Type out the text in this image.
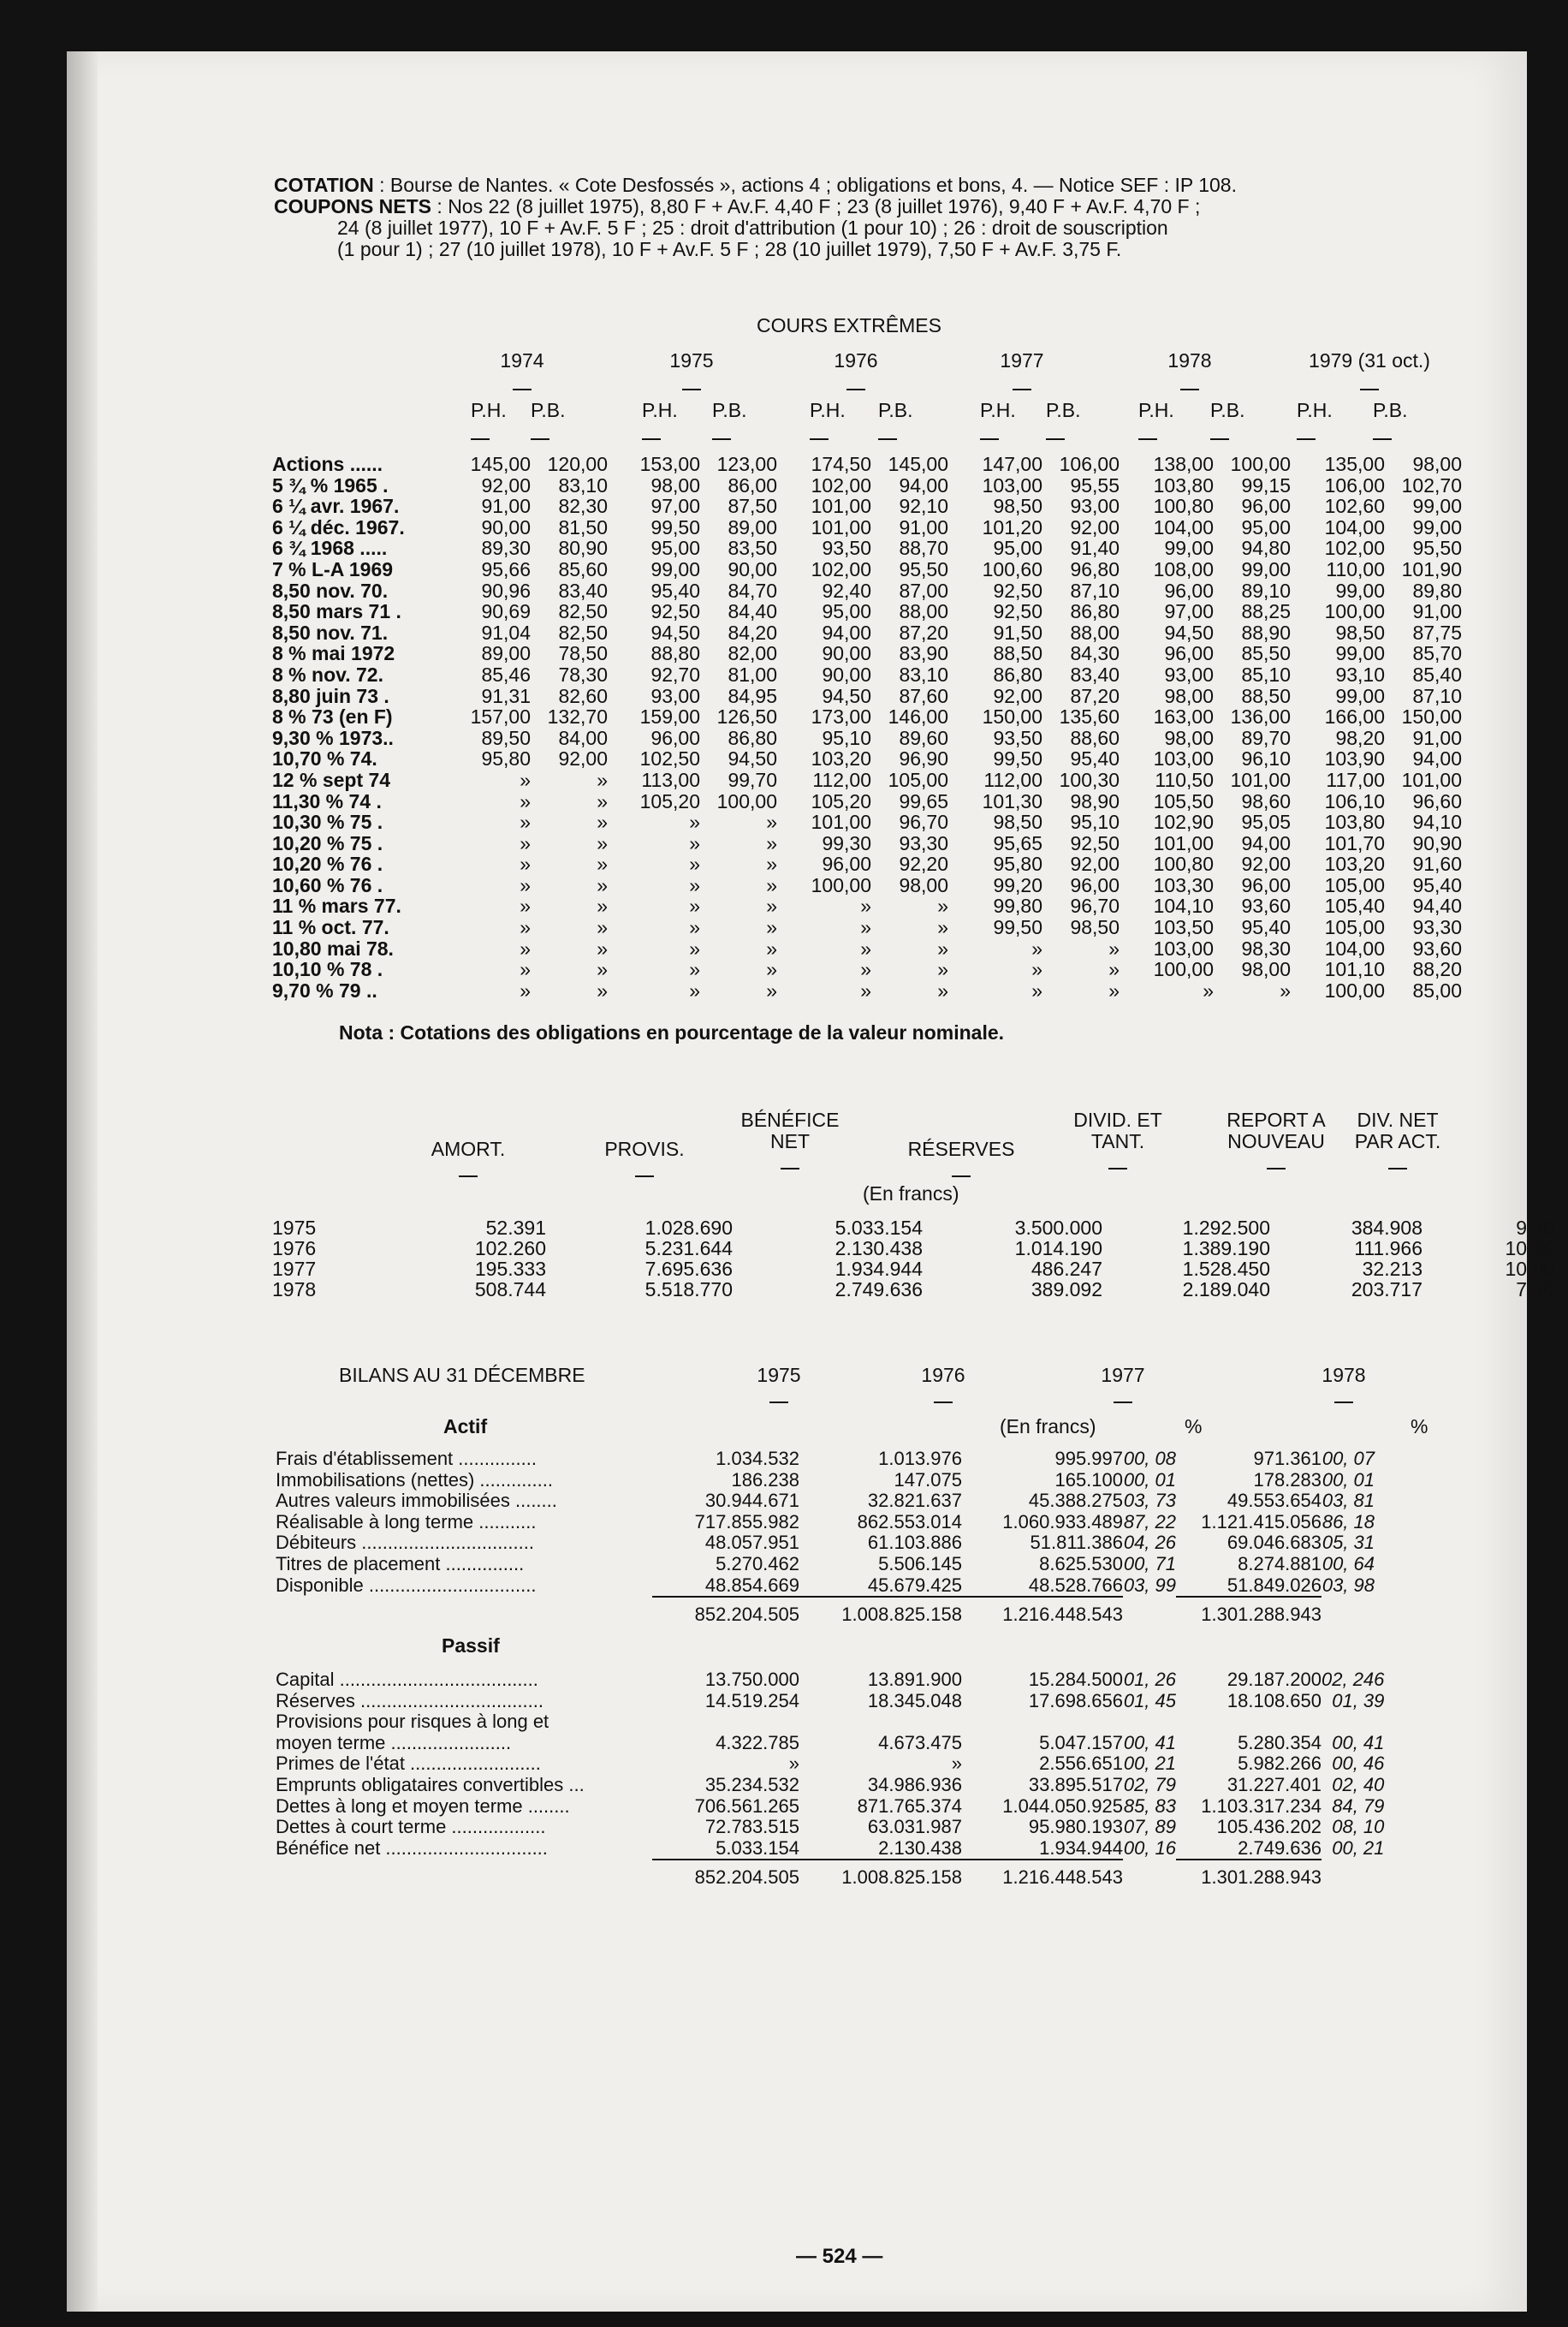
COTATION : Bourse de Nantes. « Cote Desfossés », actions 4 ; obligations et bons, 4. — Notice SEF : IP 108.

COUPONS NETS : Nos 22 (8 juillet 1975), 8,80 F + Av.F. 4,40 F ; 23 (8 juillet 1976), 9,40 F + Av.F. 4,70 F ;

24 (8 juillet 1977), 10 F + Av.F. 5 F ; 25 : droit d'attribution (1 pour 10) ; 26 : droit de souscription

(1 pour 1) ; 27 (10 juillet 1978), 10 F + Av.F. 5 F ; 28 (10 juillet 1979), 7,50 F + Av.F. 3,75 F.

COURS EXTRÊMES
1974	1975	1976	1977	1978	1979 (31 oct.)

P.H. P.B.	P.H. P.B.	P.H. P.B.	P.H. P.B.	P.H. P.B.	P.H. P.B.

Actions ......	145,00	120,00	153,00	123,00	174,50	145,00	147,00	106,00	138,00	100,00	135,00	98,00
5 ¾ % 1965 .	92,00	83,10	98,00	86,00	102,00	94,00	103,00	95,55	103,80	99,15	106,00	102,70
6 ¼ avr. 1967.	91,00	82,30	97,00	87,50	101,00	92,10	98,50	93,00	100,80	96,00	102,60	99,00
6 ¼ déc. 1967.	90,00	81,50	99,50	89,00	101,00	91,00	101,20	92,00	104,00	95,00	104,00	99,00
6 ¾ 1968 .....	89,30	80,90	95,00	83,50	93,50	88,70	95,00	91,40	99,00	94,80	102,00	95,50
7 % L-A 1969	95,66	85,60	99,00	90,00	102,00	95,50	100,60	96,80	108,00	99,00	110,00	101,90
8,50 nov. 70.	90,96	83,40	95,40	84,70	92,40	87,00	92,50	87,10	96,00	89,10	99,00	89,80
8,50 mars 71 .	90,69	82,50	92,50	84,40	95,00	88,00	92,50	86,80	97,00	88,25	100,00	91,00
8,50 nov. 71.	91,04	82,50	94,50	84,20	94,00	87,20	91,50	88,00	94,50	88,90	98,50	87,75
8 % mai 1972	89,00	78,50	88,80	82,00	90,00	83,90	88,50	84,30	96,00	85,50	99,00	85,70
8 % nov. 72.	85,46	78,30	92,70	81,00	90,00	83,10	86,80	83,40	93,00	85,10	93,10	85,40
8,80 juin 73 .	91,31	82,60	93,00	84,95	94,50	87,60	92,00	87,20	98,00	88,50	99,00	87,10
8 % 73 (en F)	157,00	132,70	159,00	126,50	173,00	146,00	150,00	135,60	163,00	136,00	166,00	150,00
9,30 % 1973..	89,50	84,00	96,00	86,80	95,10	89,60	93,50	88,60	98,00	89,70	98,20	91,00
10,70 % 74.	95,80	92,00	102,50	94,50	103,20	96,90	99,50	95,40	103,00	96,10	103,90	94,00
12 % sept 74	»	»	113,00	99,70	112,00	105,00	112,00	100,30	110,50	101,00	117,00	101,00
11,30 % 74 .	»	»	105,20	100,00	105,20	99,65	101,30	98,90	105,50	98,60	106,10	96,60
10,30 % 75 .	»	»	»	»	101,00	96,70	98,50	95,10	102,90	95,05	103,80	94,10
10,20 % 75 .	»	»	»	»	99,30	93,30	95,65	92,50	101,00	94,00	101,70	90,90
10,20 % 76 .	»	»	»	»	96,00	92,20	95,80	92,00	100,80	92,00	103,20	91,60
10,60 % 76 .	»	»	»	»	100,00	98,00	99,20	96,00	103,30	96,00	105,00	95,40
11 % mars 77.	»	»	»	»	»	»	99,80	96,70	104,10	93,60	105,40	94,40
11 % oct. 77.	»	»	»	»	»	»	99,50	98,50	103,50	95,40	105,00	93,30
10,80 mai 78.	»	»	»	»	»	»	»	»	103,00	98,30	104,00	93,60
10,10 % 78 .	»	»	»	»	»	»	»	»	100,00	98,00	101,10	88,20
9,70 % 79 ..	»	»	»	»	»	»	»	»	»	»	100,00	85,00
Nota : Cotations des obligations en pourcentage de la valeur nominale.
AMORT.	PROVIS.

BÉNÉFICE NET	RÉSERVES

DIVID. ET TANT.

REPORT A NOUVEAU

DIV. NET PAR ACT.

(En francs)
1975	52.391	1.028.690	5.033.154	3.500.000	1.292.500	384.908	9,40
1976	102.260	5.231.644	2.130.438	1.014.190	1.389.190	111.966	10,00
1977	195.333	7.695.636	1.934.944	486.247	1.528.450	32.213	10,00
1978	508.744	5.518.770	2.749.636	389.092	2.189.040	203.717	7,50
BILANS AU 31 DÉCEMBRE	1975	1976	1977	1978

Actif	(En francs)	%	%
Frais d'établissement ...............	1.034.532	1.013.976	995.997	00, 08	971.361	00, 07
Immobilisations (nettes) ..............	186.238	147.075	165.100	00, 01	178.283	00, 01
Autres valeurs immobilisées ........	30.944.671	32.821.637	45.388.275	03, 73	49.553.654	03, 81
Réalisable à long terme ...........	717.855.982	862.553.014	1.060.933.489	87, 22	1.121.415.056	86, 18
Débiteurs .................................	48.057.951	61.103.886	51.811.386	04, 26	69.046.683	05, 31
Titres de placement ...............	5.270.462	5.506.145	8.625.530	00, 71	8.274.881	00, 64
Disponible ................................	48.854.669	45.679.425	48.528.766	03, 99	51.849.026	03, 98
	852.204.505	1.008.825.158	1.216.448.543		1.301.288.943	
Passif
Capital ......................................	13.750.000	13.891.900	15.284.500	01, 26	29.187.200	02, 246
Réserves ...................................	14.519.254	18.345.048	17.698.656	01, 45	18.108.650	01, 39
Provisions pour risques à long et						
moyen terme .......................	4.322.785	4.673.475	5.047.157	00, 41	5.280.354	00, 41
Primes de l'état .........................	»	»	2.556.651	00, 21	5.982.266	00, 46
Emprunts obligataires convertibles ...	35.234.532	34.986.936	33.895.517	02, 79	31.227.401	02, 40
Dettes à long et moyen terme ........	706.561.265	871.765.374	1.044.050.925	85, 83	1.103.317.234	84, 79
Dettes à court terme ..................	72.783.515	63.031.987	95.980.193	07, 89	105.436.202	08, 10
Bénéfice net ...............................	5.033.154	2.130.438	1.934.944	00, 16	2.749.636	00, 21
	852.204.505	1.008.825.158	1.216.448.543		1.301.288.943	
— 524 —
